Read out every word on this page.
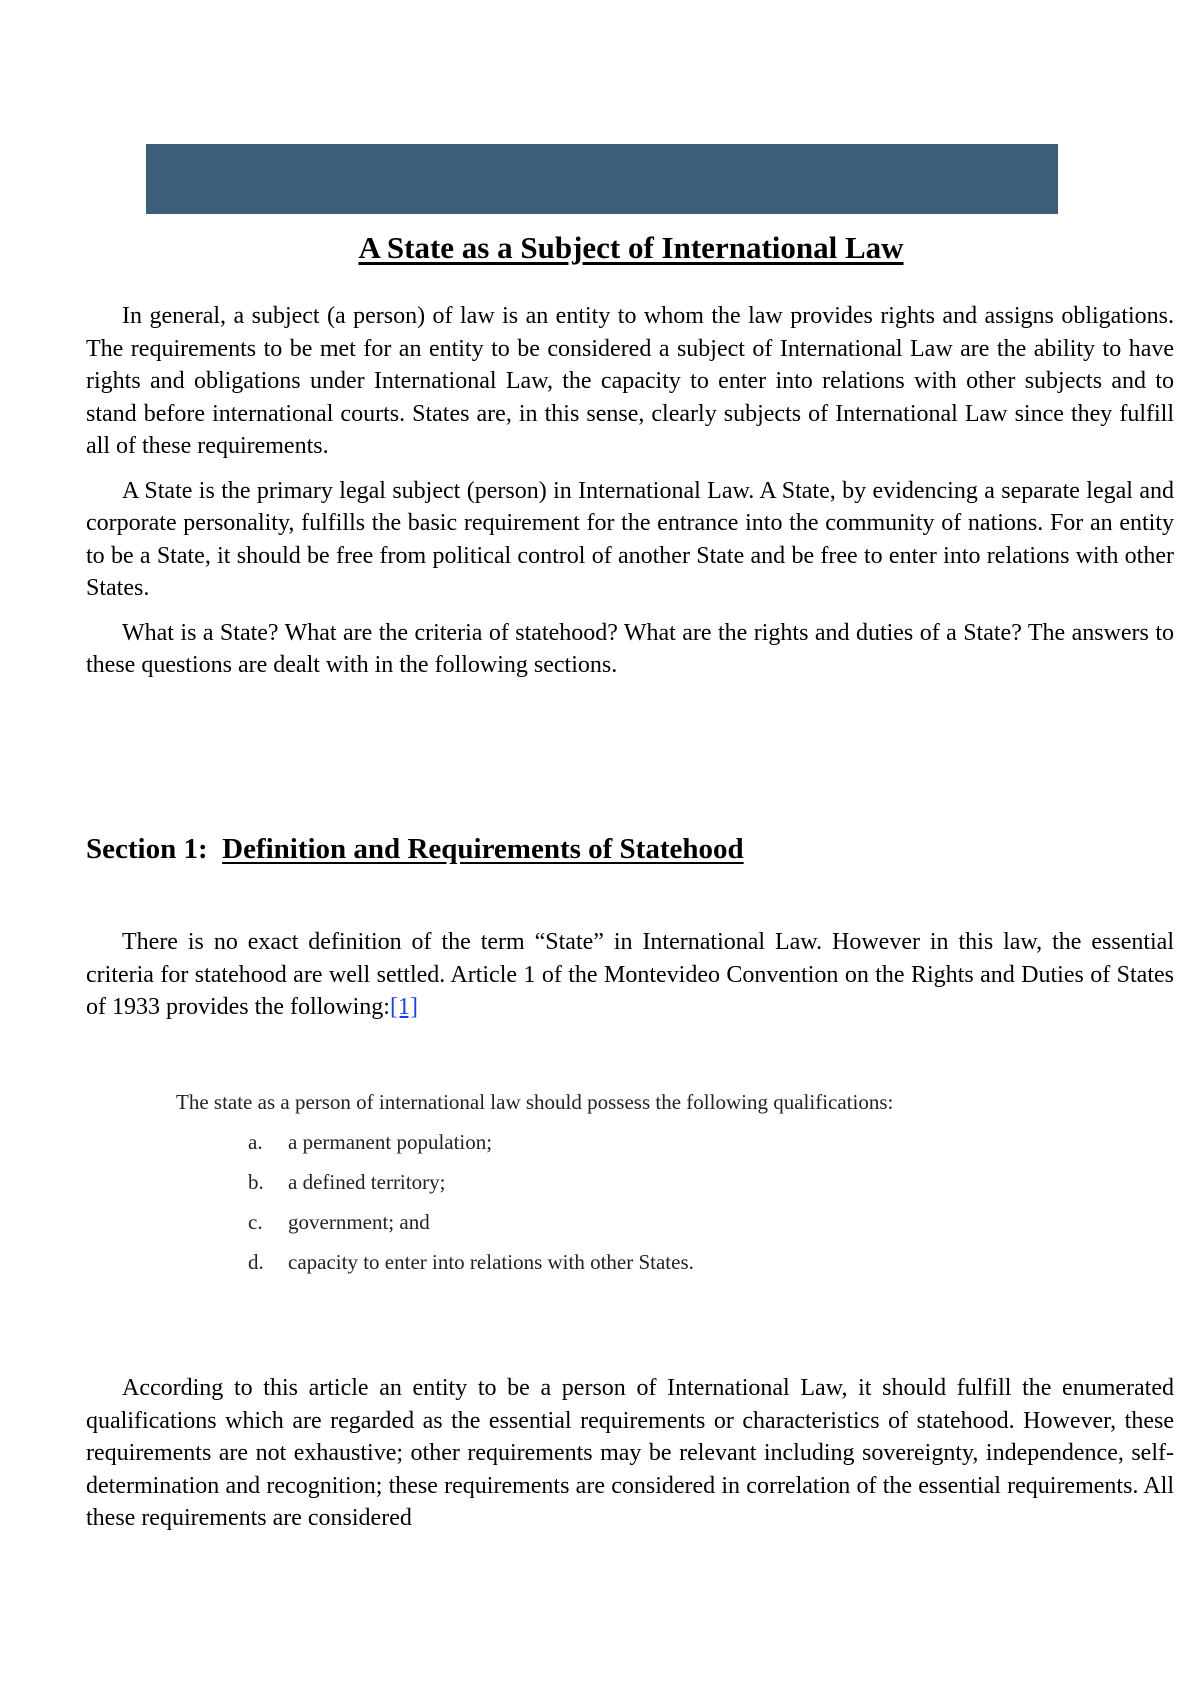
A State as a Subject of International Law

In general, a subject (a person) of law is an entity to whom the law provides rights and assigns obligations. The requirements to be met for an entity to be considered a subject of International Law are the ability to have rights and obligations under International Law, the capacity to enter into relations with other subjects and to stand before international courts. States are, in this sense, clearly subjects of International Law since they fulfill all of these requirements.

A State is the primary legal subject (person) in International Law. A State, by evidencing a separate legal and corporate personality, fulfills the basic requirement for the entrance into the community of nations. For an entity to be a State, it should be free from political control of another State and be free to enter into relations with other States.

What is a State? What are the criteria of statehood? What are the rights and duties of a State? The answers to these questions are dealt with in the following sections.

Section 1: Definition and Requirements of Statehood

There is no exact definition of the term “State” in International Law. However in this law, the essential criteria for statehood are well settled. Article 1 of the Montevideo Convention on the Rights and Duties of States of 1933 provides the following:[1]

The state as a person of international law should possess the following qualifications:

a. a permanent population;
b. a defined territory;
c. government; and
d. capacity to enter into relations with other States.

According to this article an entity to be a person of International Law, it should fulfill the enumerated qualifications which are regarded as the essential requirements or characteristics of statehood. However, these requirements are not exhaustive; other requirements may be relevant including sovereignty, independence, self-determination and recognition; these requirements are considered in correlation of the essential requirements. All these requirements are considered
